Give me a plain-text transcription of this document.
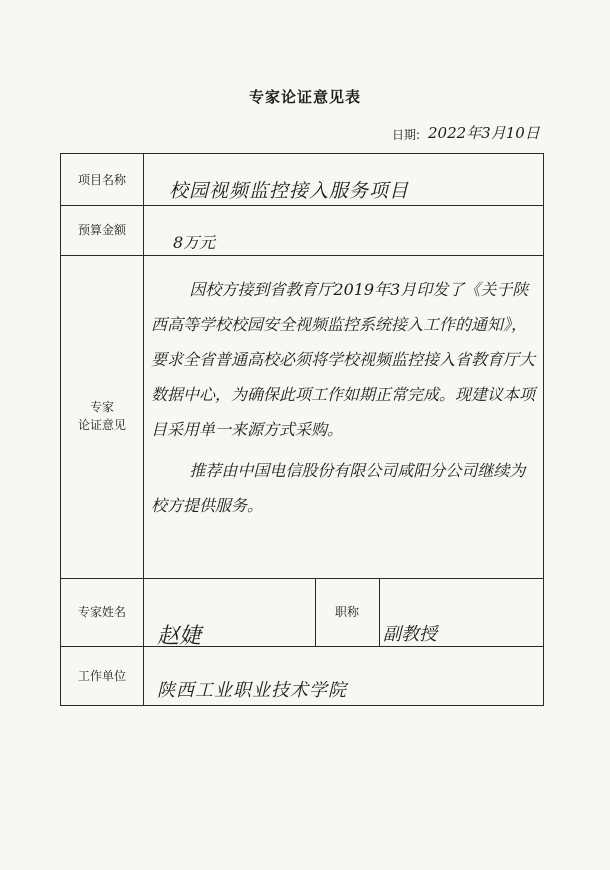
专家论证意见表
日期: 2022年3月10日
项目名称	校园视频监控接入服务项目
预算金额
8万元
专家
论证意见

因校方接到省教育厅2019年3月印发了《关于陕西高等学校校园安全视频监控系统接入工作的通知》，要求全省普通高校必须将学校视频监控接入省教育厅大数据中心，为确保此项工作如期正常完成。现建议本项目采用单一来源方式采购。

推荐由中国电信股份有限公司咸阳分公司继续为校方提供服务。

专家姓名
赵婕
职称
副教授
工作单位
陕西工业职业技术学院
